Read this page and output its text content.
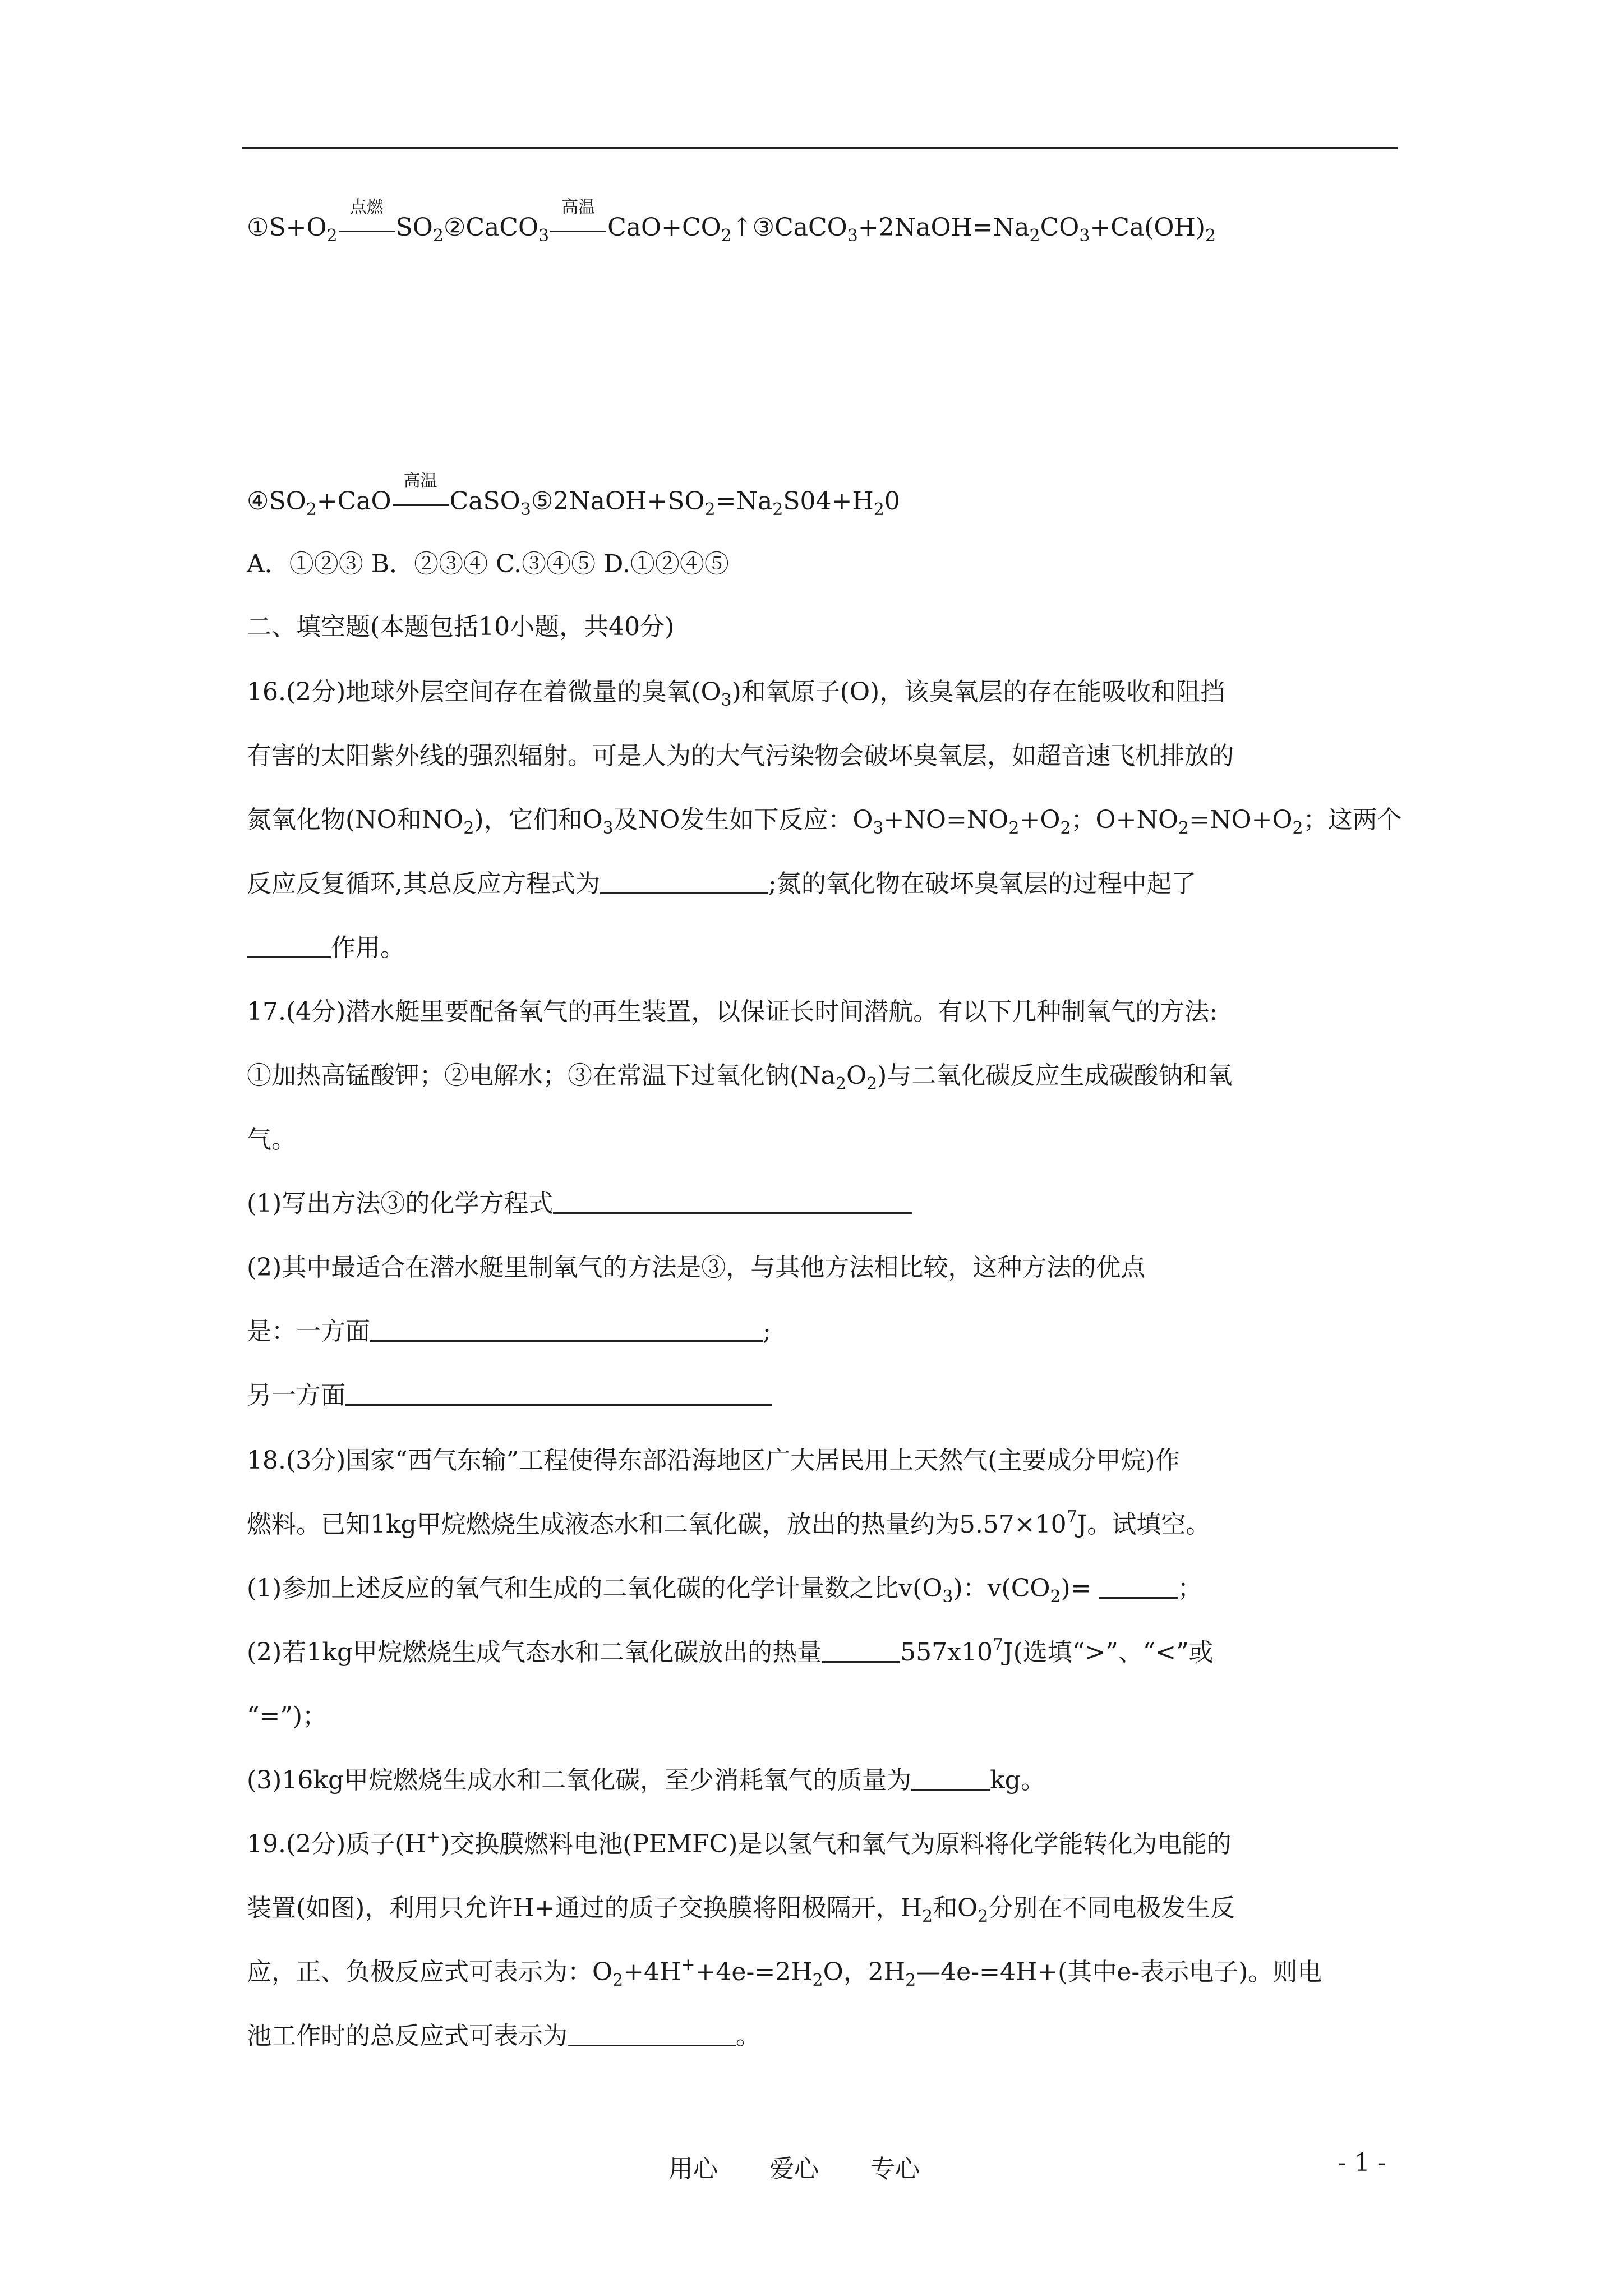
$①S+O_2$
点燃
$SO_2②CaCO_3$
高温
$CaO+CO_2↑③CaCO_3+2NaOH=Na_2CO_3+Ca(OH)_2$
$④SO_2+CaO$
高温
$CaSO_3⑤2NaOH+SO_2=Na_2S04+H_20$
A．①②③ B．②③④ C.③④⑤ D.①②④⑤
二、填空题(本题包括10小题，共40分)
16.(2分)地球外层空间存在着微量的臭氧$(O_3)$和氧原子(O)，该臭氧层的存在能吸收和阻挡
有害的太阳紫外线的强烈辐射。可是人为的大气污染物会破坏臭氧层，如超音速飞机排放的
氮氧化物(NO和$NO_2$)，它们和$O_3$及NO发生如下反应：$O_3+NO=NO_2+O_2$；$O+NO_2=NO+O_2$；这两个
反应反复循环,其总反应方程式为	;氮的氧化物在破坏臭氧层的过程中起了
作用。
17.(4分)潜水艇里要配备氧气的再生装置，以保证长时间潜航。有以下几种制氧气的方法:
①加热高锰酸钾；②电解水；③在常温下过氧化钠$(Na_2O_2)$与二氧化碳反应生成碳酸钠和氧
气。
(1)写出方法③的化学方程式
(2)其中最适合在潜水艇里制氧气的方法是③，与其他方法相比较，这种方法的优点
是：一方面	;
另一方面
18.(3分)国家“西气东输”工程使得东部沿海地区广大居民用上天然气(主要成分甲烷)作
燃料。已知1kg甲烷燃烧生成液态水和二氧化碳，放出的热量约为$5.57\times 10^7J$。试填空。
(1)参加上述反应的氧气和生成的二氧化碳的化学计量数之比$v(O_3)$：$v(CO_2)=$	；
(2)若1kg甲烷燃烧生成气态水和二氧化碳放出的热量	$557x10^7J$(选填“>”、“<”或
“=”)；
(3)16kg甲烷燃烧生成水和二氧化碳，至少消耗氧气的质量为	kg。
19.(2分)质子(H+)交换膜燃料电池(PEMFC)是以氢气和氧气为原料将化学能转化为电能的
装置(如图)，利用只允许H+通过的质子交换膜将阳极隔开，$H_2$和$O_2$分别在不同电极发生反
应，正、负极反应式可表示为：$O_2+4H^++4e-=2H_2O$，$2H_2—4e-=4H+$(其中e-表示电子)。则电
池工作时的总反应式可表示为	。
用心 爱心 专心	- 1 -
